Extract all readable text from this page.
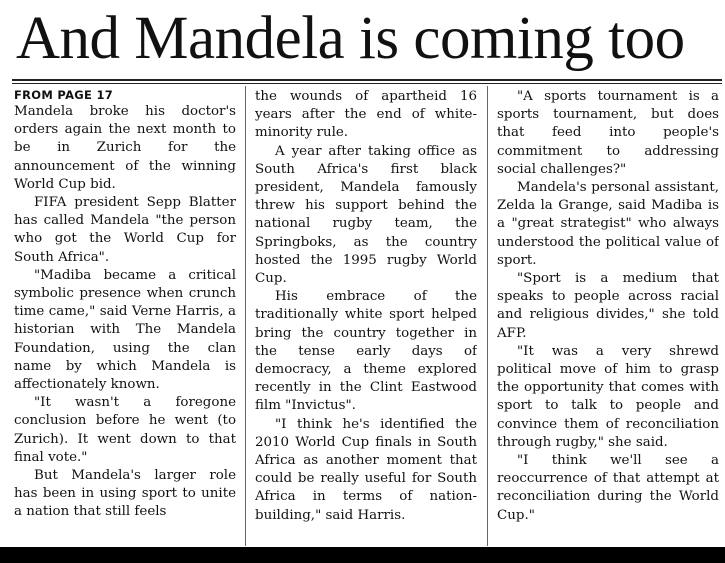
And Mandela is coming too
FROM PAGE 17

Mandela broke his doctor's orders again the next month to be in Zurich for the announcement of the winning World Cup bid.

FIFA president Sepp Blatter has called Mandela "the person who got the World Cup for South Africa".

"Madiba became a critical symbolic presence when crunch time came," said Verne Harris, a historian with The Mandela Foundation, using the clan name by which Mandela is affectionately known.

"It wasn't a foregone conclusion before he went (to Zurich). It went down to that final vote."

But Mandela's larger role has been in using sport to unite a nation that still feels

the wounds of apartheid 16 years after the end of white-minority rule.

A year after taking office as South Africa's first black president, Mandela famously threw his support behind the national rugby team, the Springboks, as the country hosted the 1995 rugby World Cup.

His embrace of the traditionally white sport helped bring the country together in the tense early days of democracy, a theme explored recently in the Clint Eastwood film "Invictus".

"I think he's identified the 2010 World Cup finals in South Africa as another moment that could be really useful for South Africa in terms of nation-building," said Harris.

"A sports tournament is a sports tournament, but does that feed into people's commitment to addressing social challenges?"

Mandela's personal assistant, Zelda la Grange, said Madiba is a "great strategist" who always understood the political value of sport.

"Sport is a medium that speaks to people across racial and religious divides," she told AFP.

"It was a very shrewd political move of him to grasp the opportunity that comes with sport to talk to people and convince them of reconciliation through rugby," she said.

"I think we'll see a reoccurrence of that attempt at reconciliation during the World Cup."
